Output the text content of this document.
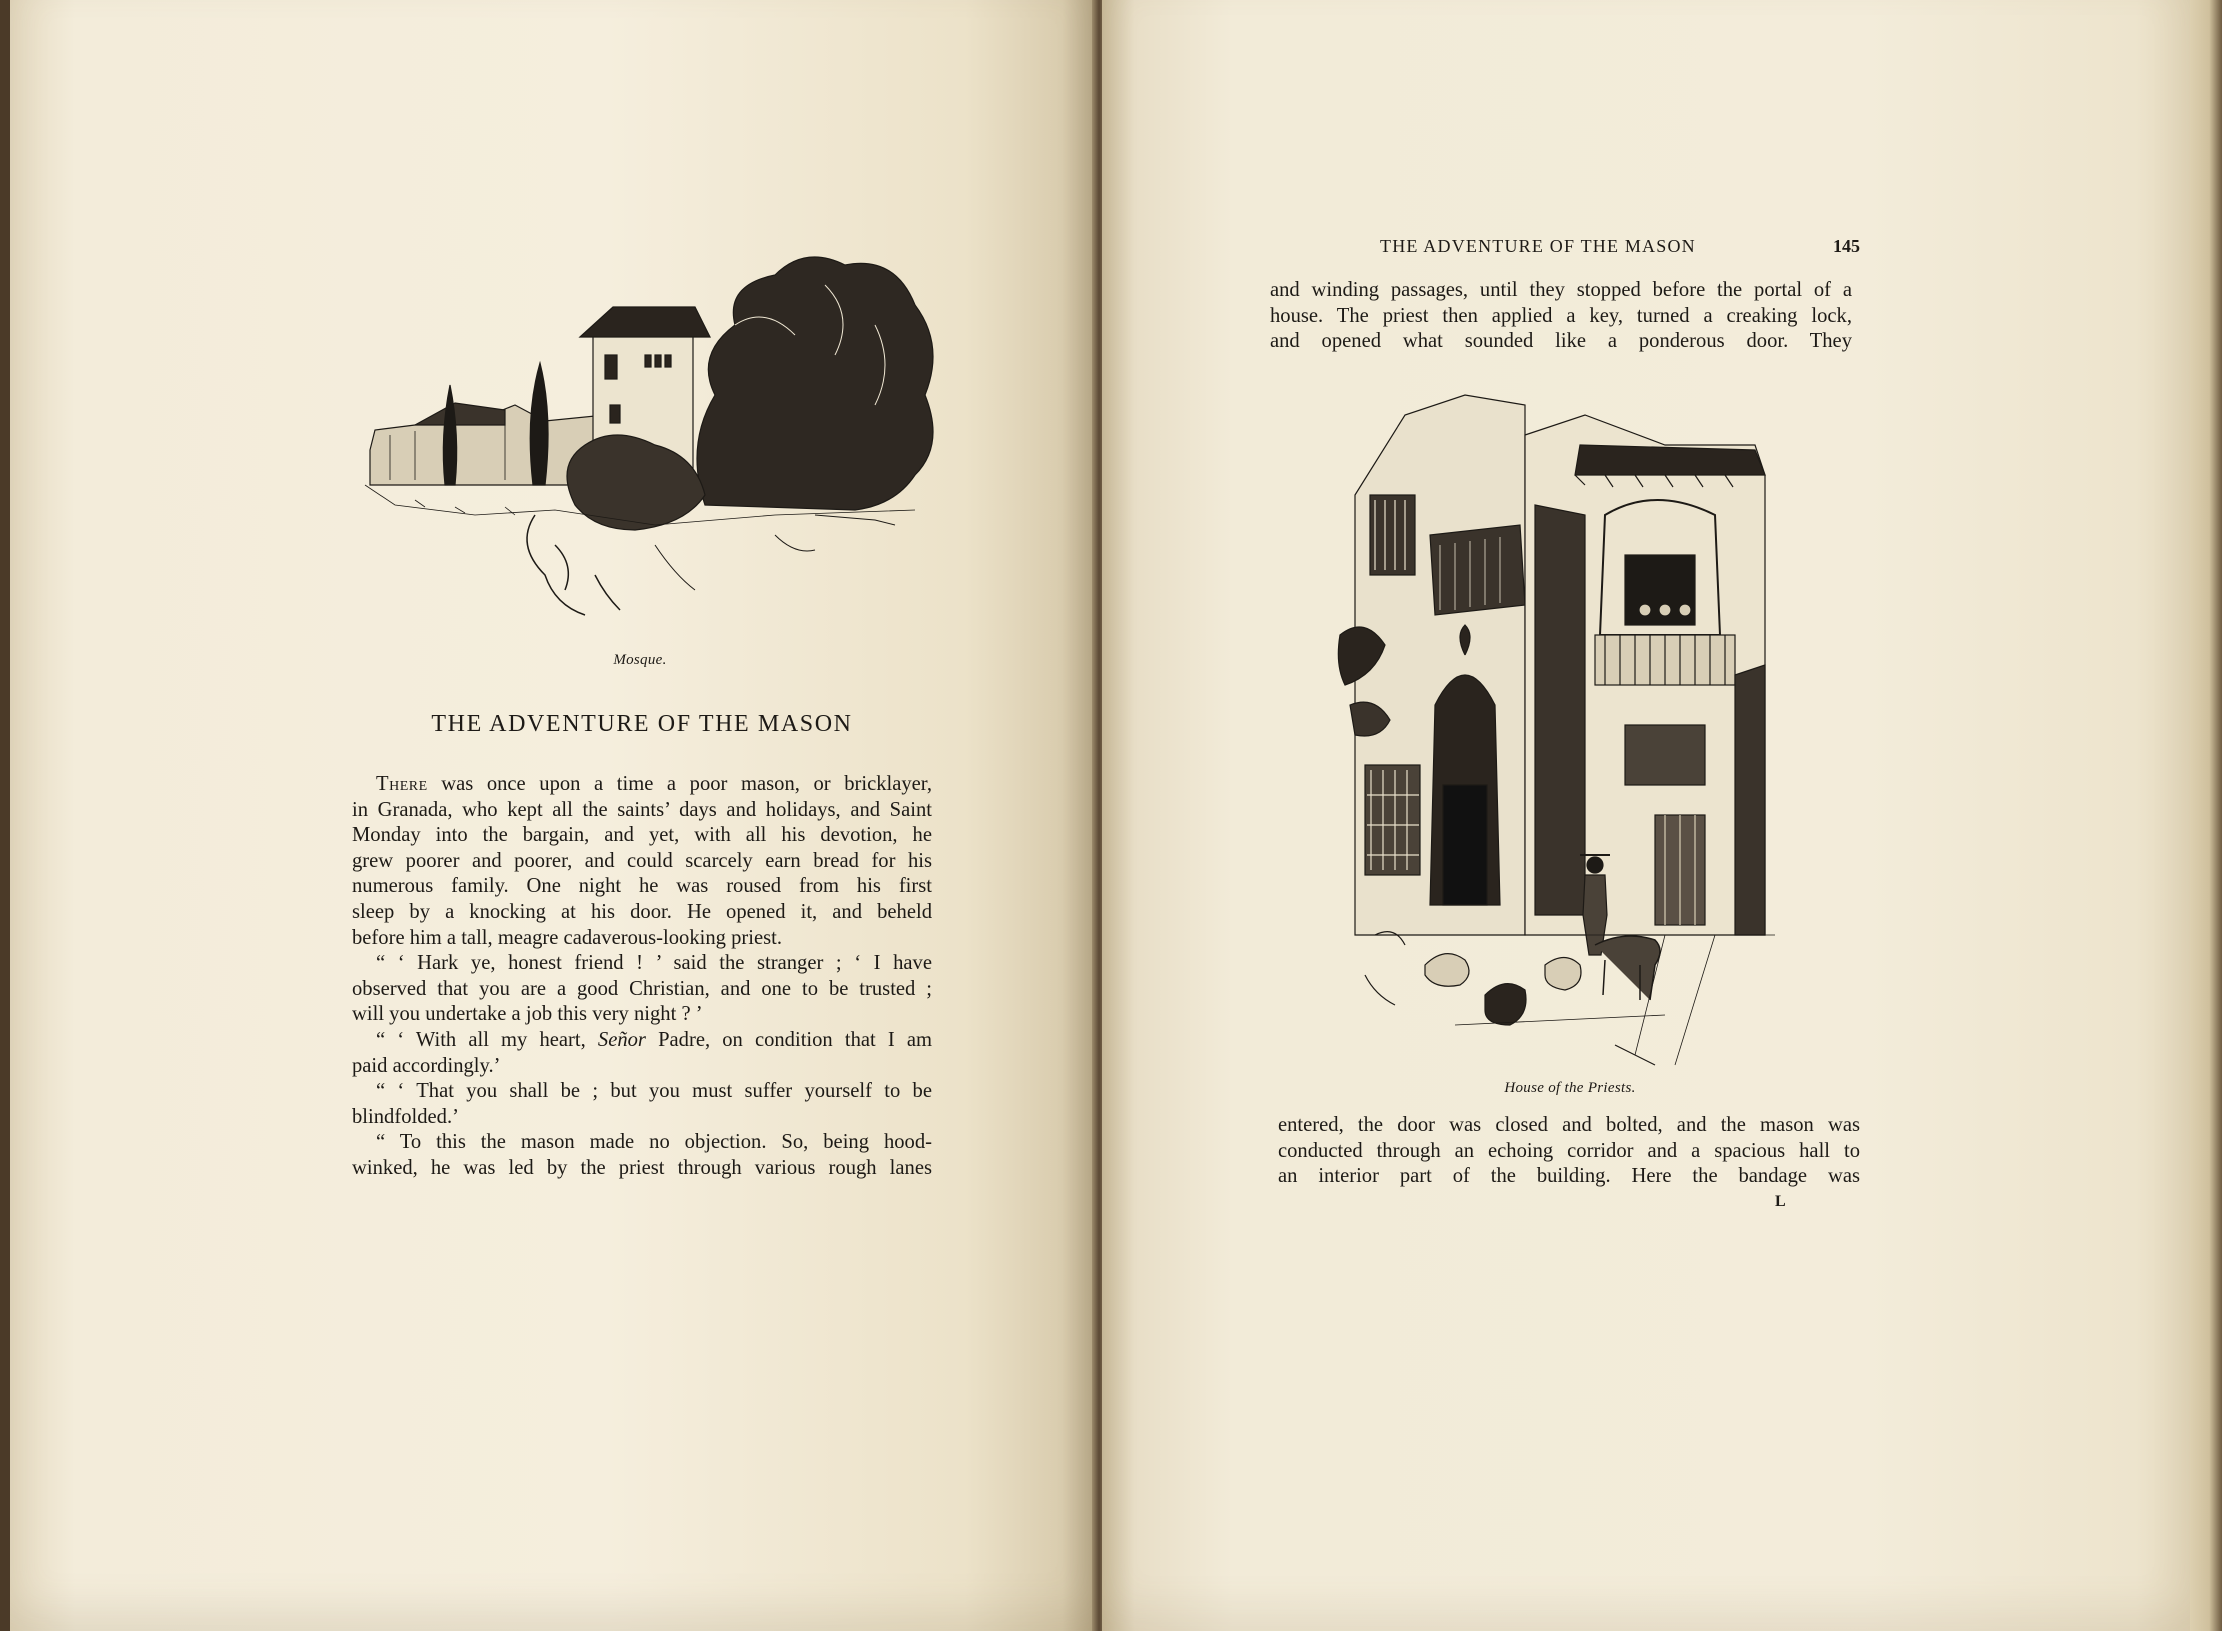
Mosque.
THE ADVENTURE OF THE MASON
There was once upon a time a poor mason, or bricklayer,
in Granada, who kept all the saints’ days and holidays, and Saint
Monday into the bargain, and yet, with all his devotion, he
grew poorer and poorer, and could scarcely earn bread for his
numerous family. One night he was roused from his first
sleep by a knocking at his door. He opened it, and beheld
before him a tall, meagre cadaverous-looking priest.
“ ‘ Hark ye, honest friend ! ’ said the stranger ; ‘ I have
observed that you are a good Christian, and one to be trusted ;
will you undertake a job this very night ? ’
“ ‘ With all my heart, Señor Padre, on condition that I am
paid accordingly.’
“ ‘ That you shall be ; but you must suffer yourself to be
blindfolded.’
“ To this the mason made no objection. So, being hood-
winked, he was led by the priest through various rough lanes
THE ADVENTURE OF THE MASON	145
and winding passages, until they stopped before the portal of a
house. The priest then applied a key, turned a creaking lock,
and opened what sounded like a ponderous door. They
House of the Priests.
entered, the door was closed and bolted, and the mason was
conducted through an echoing corridor and a spacious hall to
an interior part of the building. Here the bandage was
L
